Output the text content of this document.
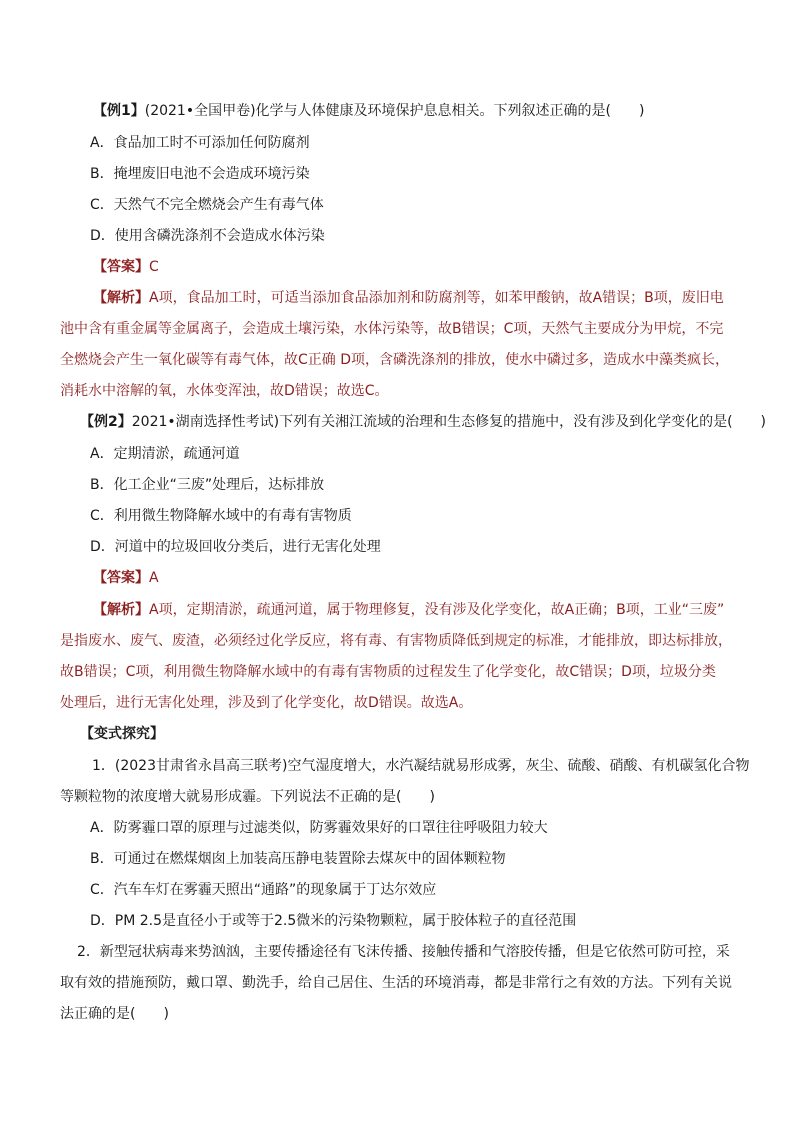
【例1】(2021•全国甲卷)化学与人体健康及环境保护息息相关。下列叙述正确的是(　　)
A．食品加工时不可添加任何防腐剂
B．掩埋废旧电池不会造成环境污染
C．天然气不完全燃烧会产生有毒气体
D．使用含磷洗涤剂不会造成水体污染
【答案】C
【解析】A项，食品加工时，可适当添加食品添加剂和防腐剂等，如苯甲酸钠，故A错误；B项，废旧电
池中含有重金属等金属离子，会造成土壤污染，水体污染等，故B错误；C项，天然气主要成分为甲烷，不完
全燃烧会产生一氧化碳等有毒气体，故C正确 D项，含磷洗涤剂的排放，使水中磷过多，造成水中藻类疯长，
消耗水中溶解的氧，水体变浑浊，故D错误；故选C。
【例2】2021•湖南选择性考试)下列有关湘江流域的治理和生态修复的措施中，没有涉及到化学变化的是(　　)
A．定期清淤，疏通河道
B．化工企业“三废”处理后，达标排放
C．利用微生物降解水域中的有毒有害物质
D．河道中的垃圾回收分类后，进行无害化处理
【答案】A
【解析】A项，定期清淤，疏通河道，属于物理修复，没有涉及化学变化，故A正确；B项，工业“三废”
是指废水、废气、废渣，必须经过化学反应，将有毒、有害物质降低到规定的标准，才能排放，即达标排放，
故B错误；C项，利用微生物降解水域中的有毒有害物质的过程发生了化学变化，故C错误；D项，垃圾分类
处理后，进行无害化处理，涉及到了化学变化，故D错误。故选A。
【变式探究】
1．(2023甘肃省永昌高三联考)空气湿度增大，水汽凝结就易形成雾，灰尘、硫酸、硝酸、有机碳氢化合物
等颗粒物的浓度增大就易形成霾。下列说法不正确的是(　　)
A．防雾霾口罩的原理与过滤类似，防雾霾效果好的口罩往往呼吸阻力较大
B．可通过在燃煤烟囱上加装高压静电装置除去煤灰中的固体颗粒物
C．汽车车灯在雾霾天照出“通路”的现象属于丁达尔效应
D．PM 2.5是直径小于或等于2.5微米的污染物颗粒，属于胶体粒子的直径范围
2．新型冠状病毒来势汹汹，主要传播途径有飞沫传播、接触传播和气溶胶传播，但是它依然可防可控，采
取有效的措施预防，戴口罩、勤洗手，给自己居住、生活的环境消毒，都是非常行之有效的方法。下列有关说
法正确的是(　　)
